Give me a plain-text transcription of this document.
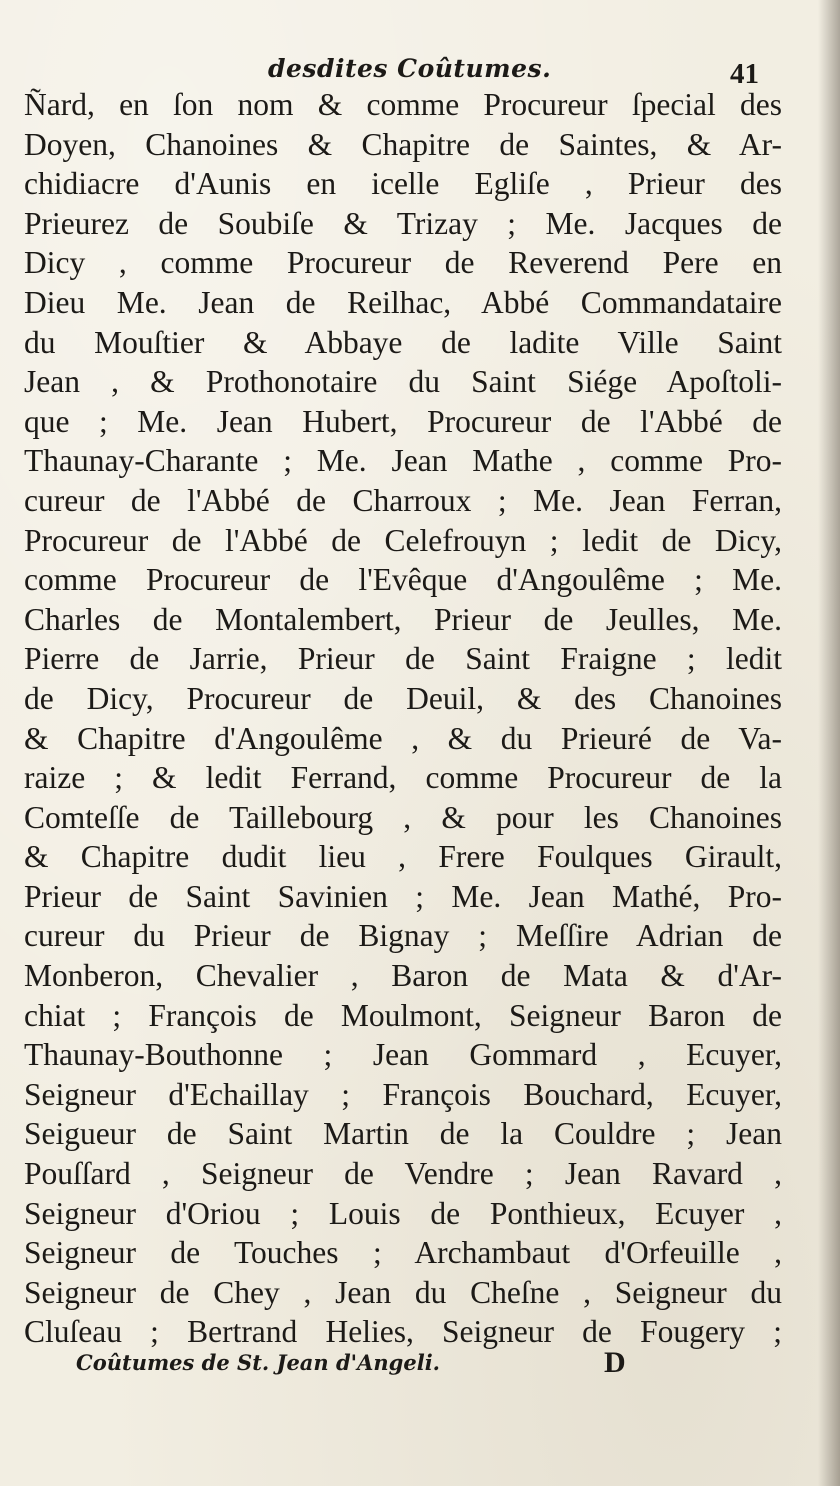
desdites Coûtumes.	41
Ñard, en ſon nom & comme Procureur ſpecial des
Doyen, Chanoines & Chapitre de Saintes, & Ar-
chidiacre d'Aunis en icelle Egliſe , Prieur des
Prieurez de Soubiſe & Trizay ; Me. Jacques de
Dicy , comme Procureur de Reverend Pere en
Dieu Me. Jean de Reilhac, Abbé Commandataire
du Mouſtier & Abbaye de ladite Ville Saint
Jean , & Prothonotaire du Saint Siége Apoſtoli-
que ; Me. Jean Hubert, Procureur de l'Abbé de
Thaunay-Charante ; Me. Jean Mathe , comme Pro-
cureur de l'Abbé de Charroux ; Me. Jean Ferran,
Procureur de l'Abbé de Celefrouyn ; ledit de Dicy,
comme Procureur de l'Evêque d'Angoulême ; Me.
Charles de Montalembert, Prieur de Jeulles, Me.
Pierre de Jarrie, Prieur de Saint Fraigne ; ledit
de Dicy, Procureur de Deuil, & des Chanoines
& Chapitre d'Angoulême , & du Prieuré de Va-
raize ; & ledit Ferrand, comme Procureur de la
Comteſſe de Taillebourg , & pour les Chanoines
& Chapitre dudit lieu , Frere Foulques Girault,
Prieur de Saint Savinien ; Me. Jean Mathé, Pro-
cureur du Prieur de Bignay ; Meſſire Adrian de
Monberon, Chevalier , Baron de Mata & d'Ar-
chiat ; François de Moulmont, Seigneur Baron de
Thaunay-Bouthonne ; Jean Gommard , Ecuyer,
Seigneur d'Echaillay ; François Bouchard, Ecuyer,
Seigueur de Saint Martin de la Couldre ; Jean
Pouſſard , Seigneur de Vendre ; Jean Ravard ,
Seigneur d'Oriou ; Louis de Ponthieux, Ecuyer ,
Seigneur de Touches ; Archambaut d'Orfeuille ,
Seigneur de Chey , Jean du Cheſne , Seigneur du
Cluſeau ; Bertrand Helies, Seigneur de Fougery ;
Coûtumes de St. Jean d'Angeli.	D
